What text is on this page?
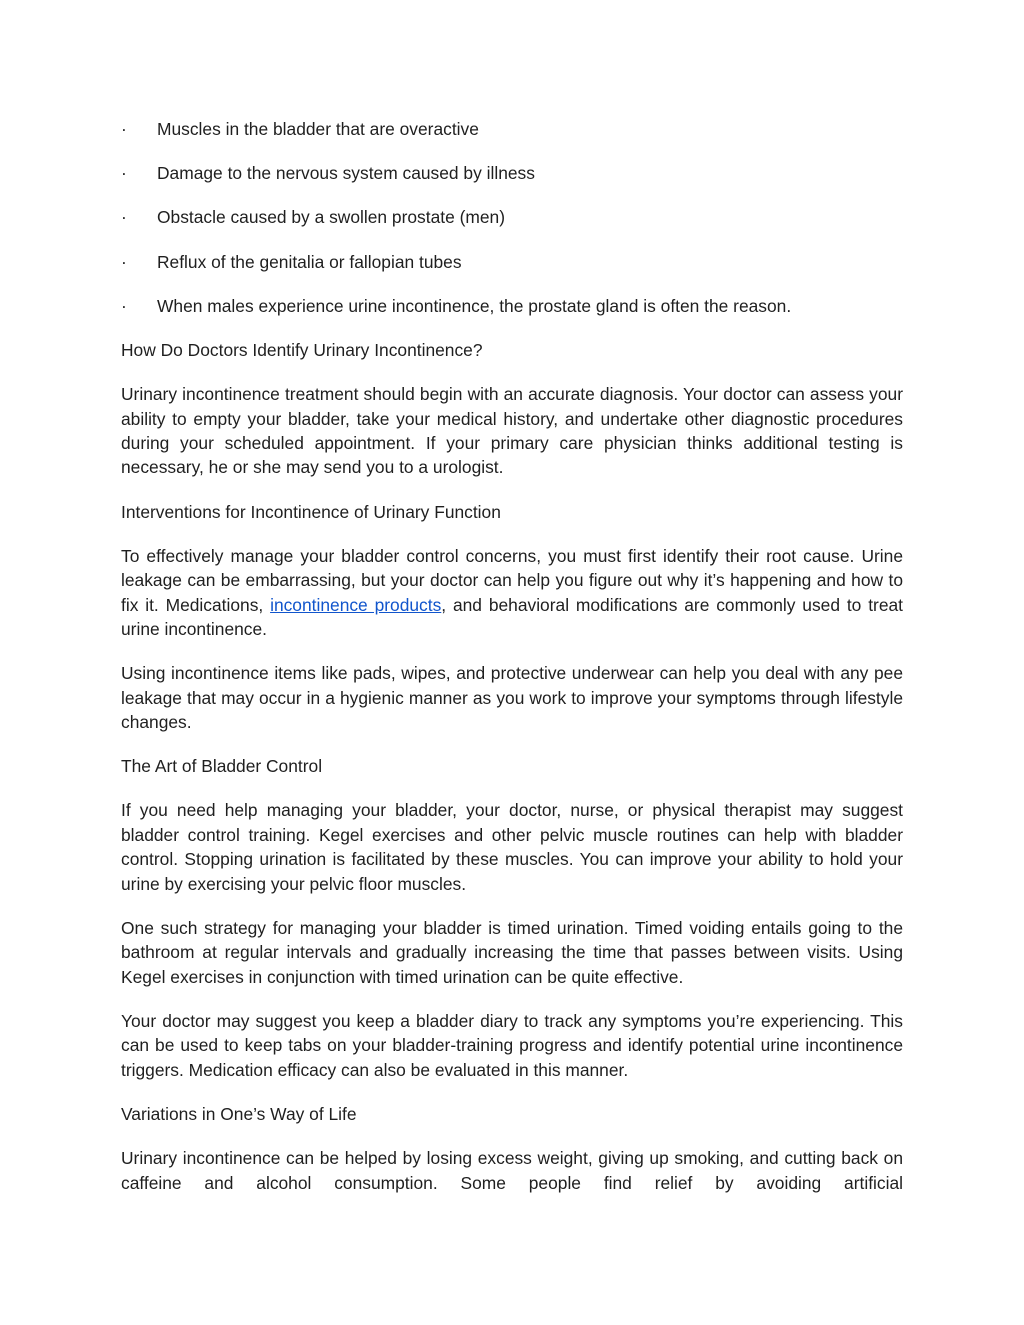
· Muscles in the bladder that are overactive
· Damage to the nervous system caused by illness
· Obstacle caused by a swollen prostate (men)
· Reflux of the genitalia or fallopian tubes
· When males experience urine incontinence, the prostate gland is often the reason.

How Do Doctors Identify Urinary Incontinence?

Urinary incontinence treatment should begin with an accurate diagnosis. Your doctor can assess your ability to empty your bladder, take your medical history, and undertake other diagnostic procedures during your scheduled appointment. If your primary care physician thinks additional testing is necessary, he or she may send you to a urologist.

Interventions for Incontinence of Urinary Function

To effectively manage your bladder control concerns, you must first identify their root cause. Urine leakage can be embarrassing, but your doctor can help you figure out why it’s happening and how to fix it. Medications, incontinence products, and behavioral modifications are commonly used to treat urine incontinence.

Using incontinence items like pads, wipes, and protective underwear can help you deal with any pee leakage that may occur in a hygienic manner as you work to improve your symptoms through lifestyle changes.

The Art of Bladder Control

If you need help managing your bladder, your doctor, nurse, or physical therapist may suggest bladder control training. Kegel exercises and other pelvic muscle routines can help with bladder control. Stopping urination is facilitated by these muscles. You can improve your ability to hold your urine by exercising your pelvic floor muscles.

One such strategy for managing your bladder is timed urination. Timed voiding entails going to the bathroom at regular intervals and gradually increasing the time that passes between visits. Using Kegel exercises in conjunction with timed urination can be quite effective.

Your doctor may suggest you keep a bladder diary to track any symptoms you’re experiencing. This can be used to keep tabs on your bladder-training progress and identify potential urine incontinence triggers. Medication efficacy can also be evaluated in this manner.

Variations in One’s Way of Life

Urinary incontinence can be helped by losing excess weight, giving up smoking, and cutting back on caffeine and alcohol consumption. Some people find relief by avoiding artificial
